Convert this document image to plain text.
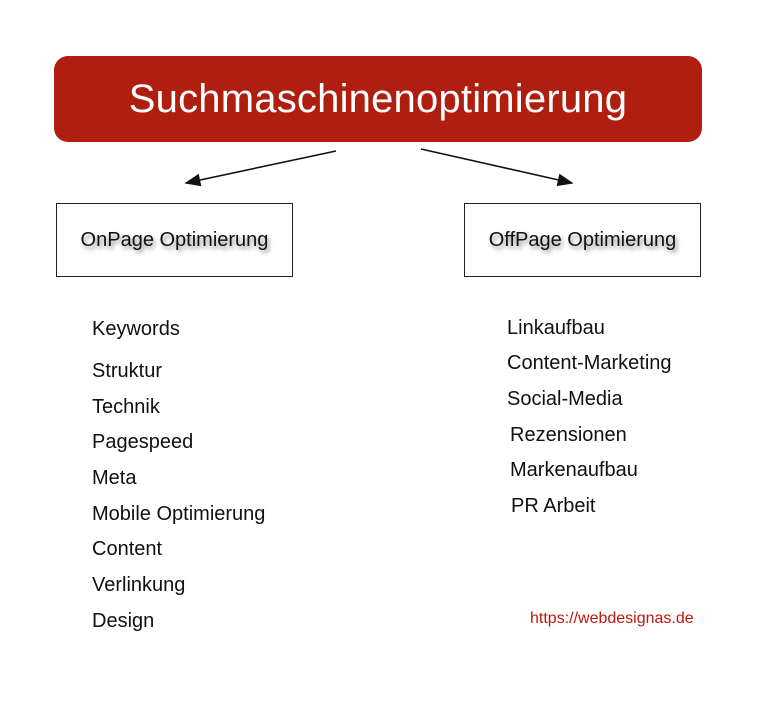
Suchmaschinenoptimierung
OnPage Optimierung	OffPage Optimierung
Keywords
Struktur
Technik
Pagespeed
Meta
Mobile Optimierung
Content
Verlinkung
Design
Linkaufbau
Content-Marketing
Social-Media
Rezensionen
Markenaufbau
PR Arbeit
https://webdesignas.de
